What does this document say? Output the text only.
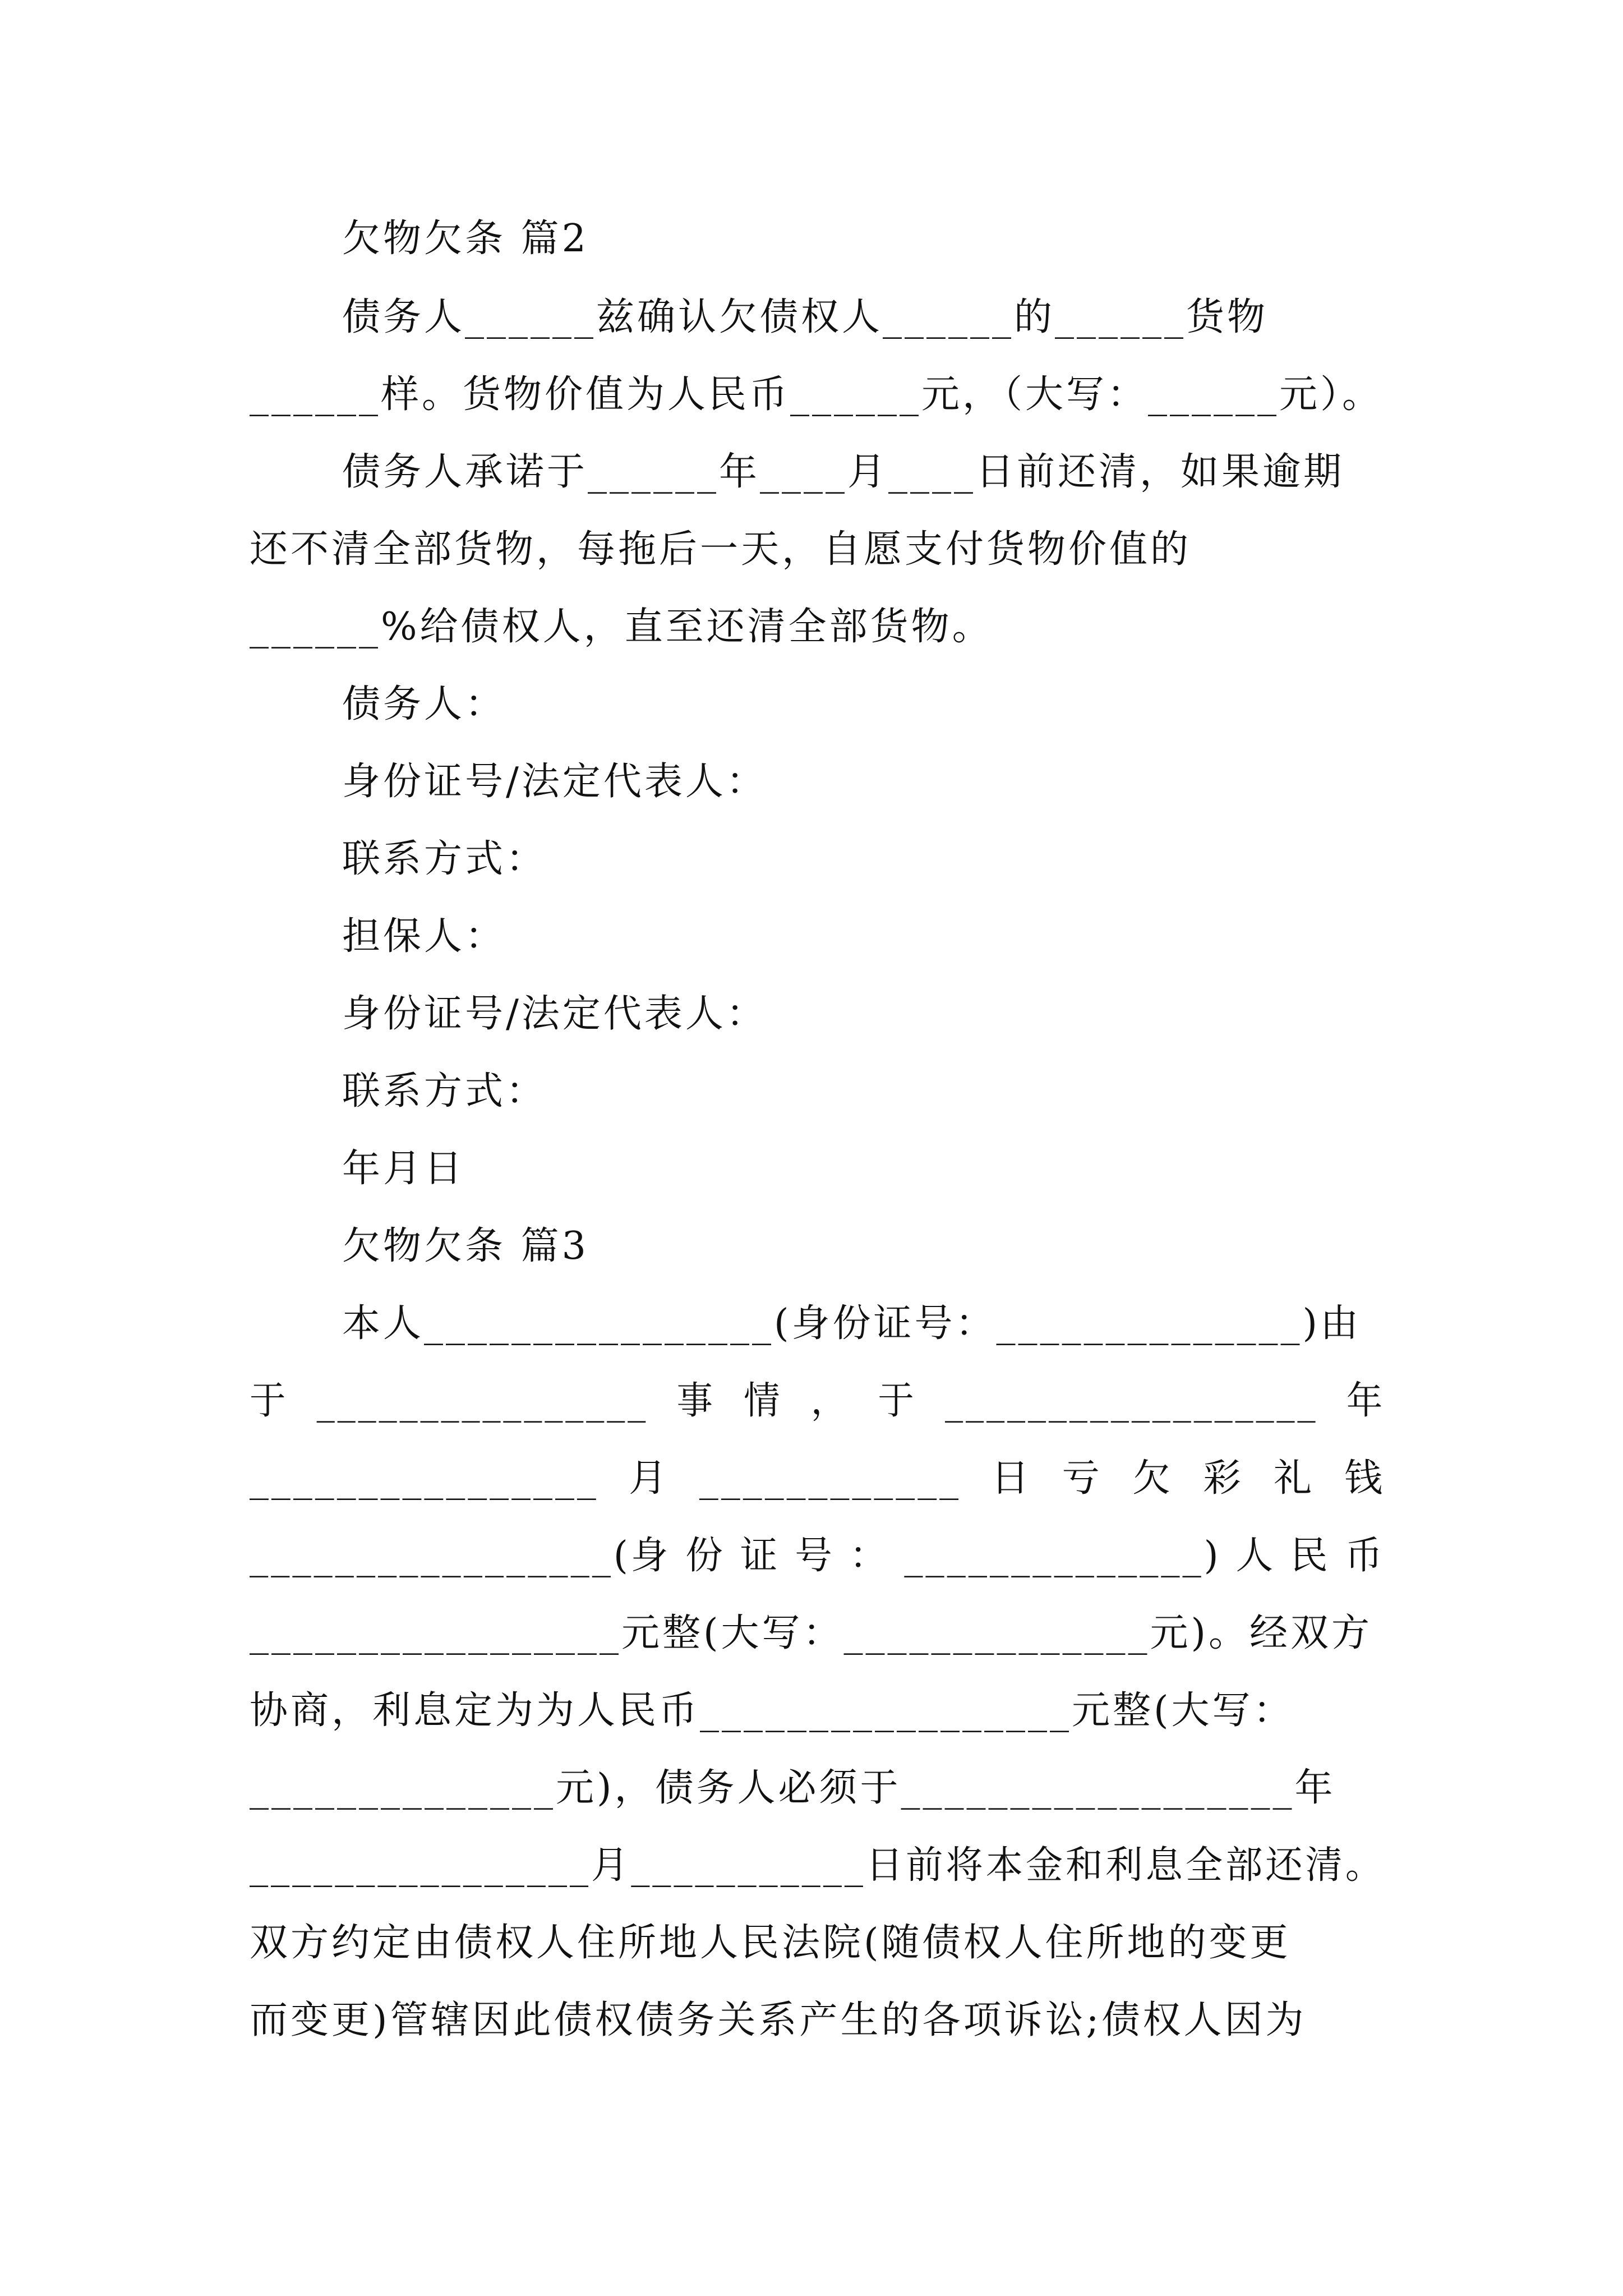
欠物欠条 篇2
债务人______兹确认欠债权人______的______货物
______样。货物价值为人民币______元，（大写：______元）。
债务人承诺于______年____月____日前还清，如果逾期
还不清全部货物，每拖后一天，自愿支付货物价值的
______%给债权人，直至还清全部货物。
债务人：
身份证号/法定代表人：
联系方式：
担保人：
身份证号/法定代表人：
联系方式：
年月日
欠物欠条 篇3
本人________________(身份证号：______________)由
于  ________________  事  情  ，  于  __________________  年
________________  月  ____________  日  亏  欠  彩  礼  钱
_________________(身 份 证 号 ： ______________) 人 民 币
_________________元整(大写：______________元)。经双方
协商，利息定为为人民币_________________元整(大写：
______________元)，债务人必须于__________________年
________________月___________日前将本金和利息全部还清。
双方约定由债权人住所地人民法院(随债权人住所地的变更
而变更)管辖因此债权债务关系产生的各项诉讼;债权人因为
